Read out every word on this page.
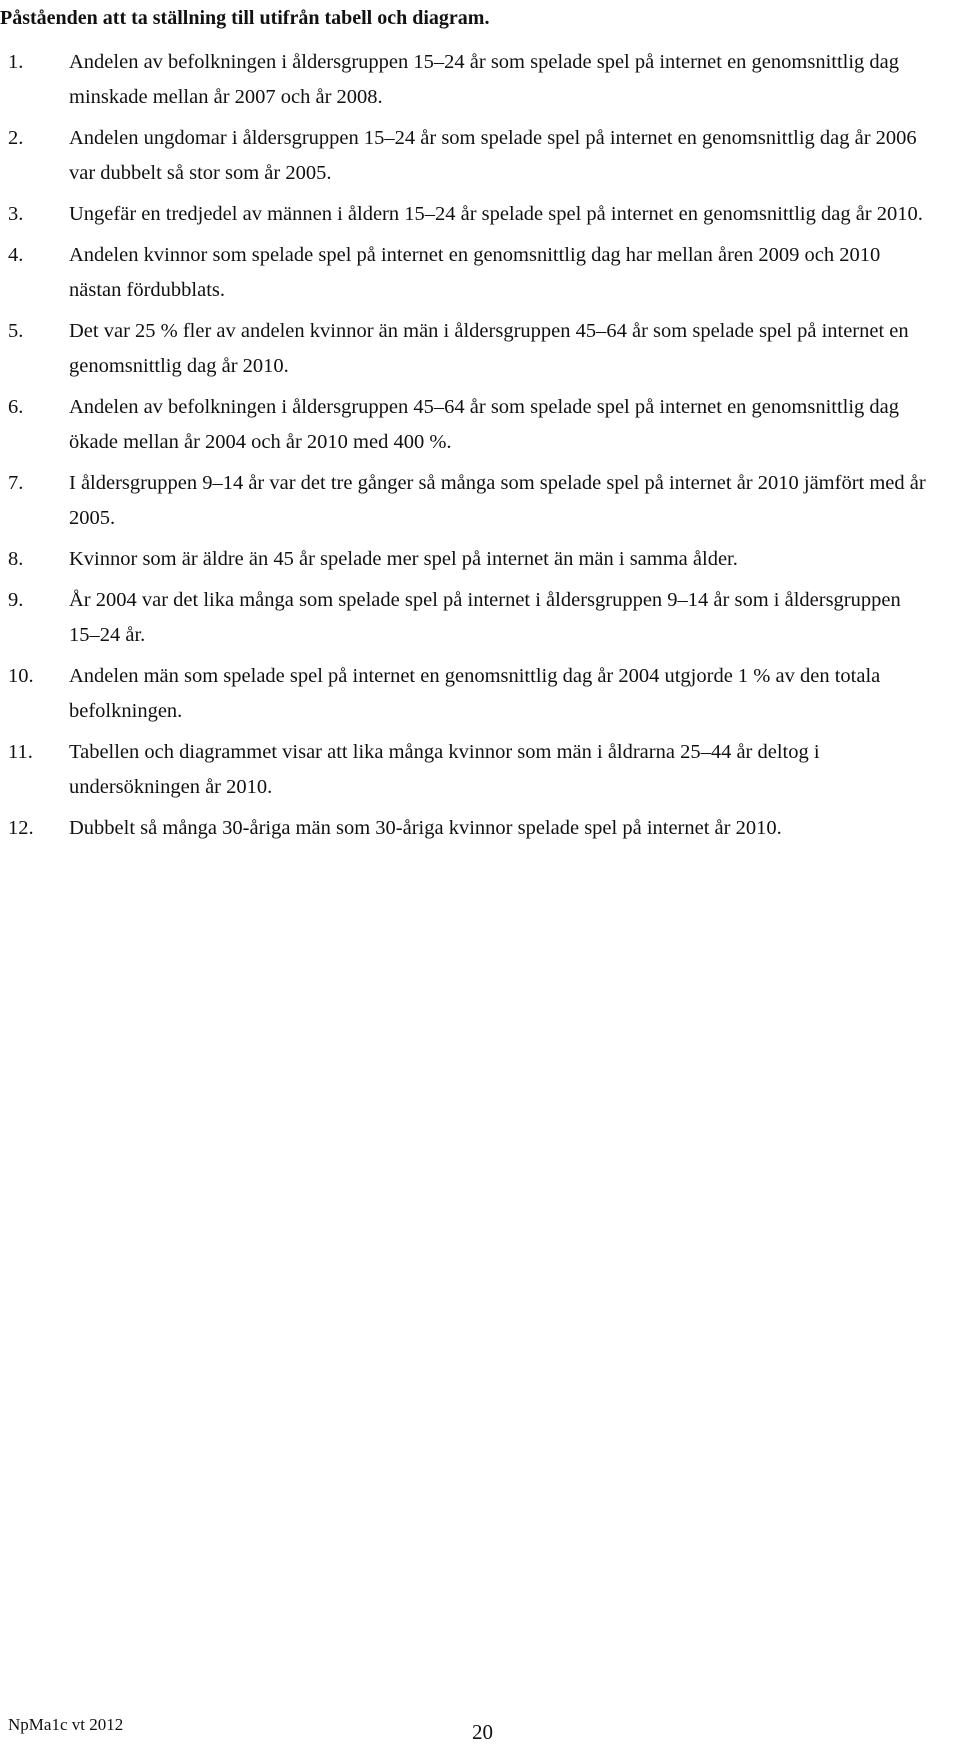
Påståenden att ta ställning till utifrån tabell och diagram.
1. Andelen av befolkningen i åldersgruppen 15–24 år som spelade spel på internet en genomsnittlig dag minskade mellan år 2007 och år 2008.
2. Andelen ungdomar i åldersgruppen 15–24 år som spelade spel på internet en genomsnittlig dag år 2006 var dubbelt så stor som år 2005.
3. Ungefär en tredjedel av männen i åldern 15–24 år spelade spel på internet en genomsnittlig dag år 2010.
4. Andelen kvinnor som spelade spel på internet en genomsnittlig dag har mellan åren 2009 och 2010 nästan fördubblats.
5. Det var 25 % fler av andelen kvinnor än män i åldersgruppen 45–64 år som spelade spel på internet en genomsnittlig dag år 2010.
6. Andelen av befolkningen i åldersgruppen 45–64 år som spelade spel på internet en genomsnittlig dag ökade mellan år 2004 och år 2010 med 400 %.
7. I åldersgruppen 9–14 år var det tre gånger så många som spelade spel på internet år 2010 jämfört med år 2005.
8. Kvinnor som är äldre än 45 år spelade mer spel på internet än män i samma ålder.
9. År 2004 var det lika många som spelade spel på internet i åldersgruppen 9–14 år som i åldersgruppen 15–24 år.
10. Andelen män som spelade spel på internet en genomsnittlig dag år 2004 utgjorde 1 % av den totala befolkningen.
11. Tabellen och diagrammet visar att lika många kvinnor som män i åldrarna 25–44 år deltog i undersökningen år 2010.
12. Dubbelt så många 30-åriga män som 30-åriga kvinnor spelade spel på internet år 2010.
NpMa1c vt 2012	20
